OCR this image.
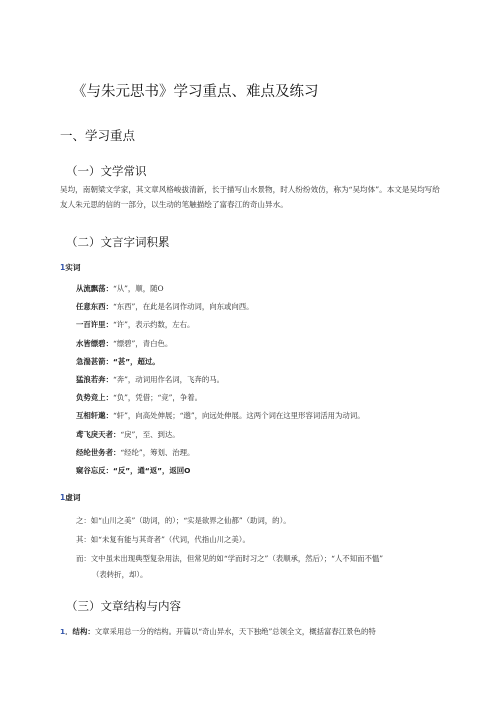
《与朱元思书》学习重点、难点及练习
一、学习重点
（一）文学常识
吴均，南朝梁文学家，其文章风格峻拔清新，长于描写山水景物，时人纷纷效仿，称为“吴均体”。本文是吴均写给友人朱元思的信的一部分，以生动的笔触描绘了富春江的奇山异水。
（二）文言字词积累
1实词
从流飘荡：“从”，顺，随O
任意东西：“东西”，在此是名词作动词，向东或向西。
一百许里：“许”，表示约数，左右。
水皆缥碧：“缥碧”，青白色。
急湍甚箭：“甚”，超过。
猛浪若奔：“奔”，动词用作名词，飞奔的马。
负势竞上：“负”，凭借；“竞”，争着。
互相轩邈：“轩”，向高处伸展；“邈”，向远处伸展。这两个词在这里形容词活用为动词。
鸢飞戾天者：“戾”，至、到达。
经纶世务者：“经纶”，筹划、治理。
窥谷忘反：“反”，通“返”，返回O
1虚词
之：如“山川之美”（助词，的）；“实是欲界之仙都”（助词，的）。
其：如“未复有能与其奇者”（代词，代指山川之美）。
而：文中虽未出现典型复杂用法，但常见的如“学而时习之”（表顺承，然后）；“人不知而不愠”
（表转折，却）。
（三）文章结构与内容
1．结构：文章采用总一分的结构。开篇以“奇山异水，天下独绝”总领全文，概括富春江景色的特
